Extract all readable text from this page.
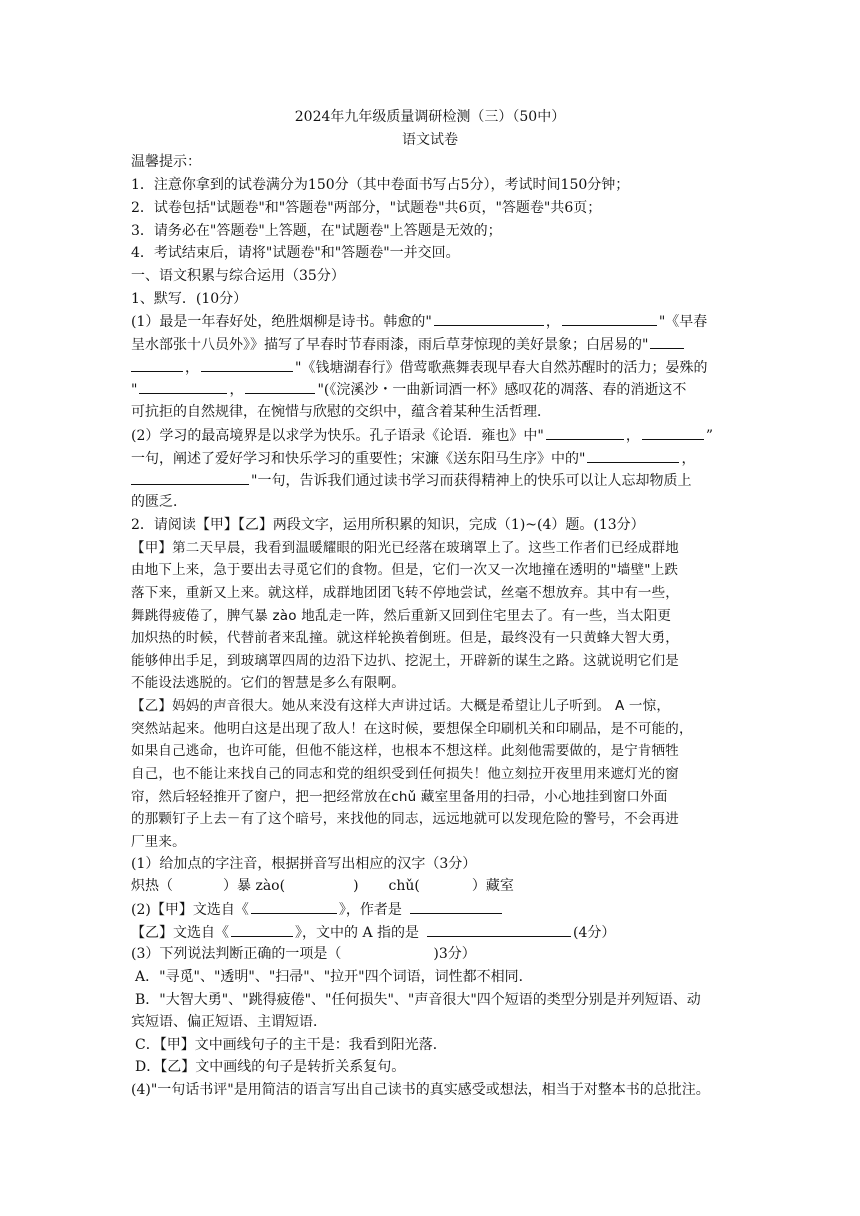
2024年九年级质量调研检测（三）（50中）
语文试卷
温馨提示：
1．注意你拿到的试卷满分为150分（其中卷面书写占5分），考试时间150分钟；
2．试卷包括"试题卷"和"答题卷"两部分，"试题卷"共6页，"答题卷"共6页；
3．请务必在"答题卷"上答题，在"试题卷"上答题是无效的；
4．考试结束后，请将"试题卷"和"答题卷"一并交回。
一、语文积累与综合运用（35分）
1、默写．(10分）
(1）最是一年春好处，绝胜烟柳是诗书。韩愈的"	，	"《早春
呈水部张十八员外》》描写了早春时节春雨漆，雨后草芽惊现的美好景象；白居易的"
，	"《钱塘湖春行》借莺歌燕舞表现早春大自然苏醒时的活力；晏殊的
"	，	"(《浣溪沙・一曲新词酒一杯》感叹花的凋落、春的消逝这不
可抗拒的自然规律，在惋惜与欣慰的交织中，蕴含着某种生活哲理．
(2）学习的最高境界是以求学为快乐。孔子语录《论语．雍也》中"	，	”
一句，阐述了爱好学习和快乐学习的重要性；宋濂《送东阳马生序》中的"	，
"一句，告诉我们通过读书学习而获得精神上的快乐可以让人忘却物质上
的匮乏．
2．请阅读【甲】【乙】两段文字，运用所积累的知识，完成（1)~(4）题。(13分）
【甲】第二天早晨，我看到温暖耀眼的阳光已经落在玻璃罩上了。这些工作者们已经成群地
由地下上来，急于要出去寻觅它们的食物。但是，它们一次又一次地撞在透明的"墙壁"上跌
落下来，重新又上来。就这样，成群地团团飞转不停地尝试，丝毫不想放弃。其中有一些，
舞跳得疲倦了，脾气暴 zào 地乱走一阵，然后重新又回到住宅里去了。有一些，当太阳更
加炽热的时候，代替前者来乱撞。就这样轮换着倒班。但是，最终没有一只黄蜂大智大勇，
能够伸出手足，到玻璃罩四周的边沿下边扒、挖泥土，开辟新的谋生之路。这就说明它们是
不能设法逃脱的。它们的智慧是多么有限啊。
【乙】妈妈的声音很大。她从来没有这样大声讲过话。大概是希望让儿子听到。 A 一惊，
突然站起来。他明白这是出现了敌人！在这时候，要想保全印刷机关和印刷品，是不可能的，
如果自己逃命，也许可能，但他不能这样，也根本不想这样。此刻他需要做的，是宁肯牺牲
自己，也不能让来找自己的同志和党的组织受到任何损失！他立刻拉开夜里用来遮灯光的窗
帘，然后轻轻推开了窗户，把一把经常放在chǔ 藏室里备用的扫帚，小心地挂到窗口外面
的那颗钉子上去－有了这个暗号，来找他的同志，远远地就可以发现危险的警号，不会再进
厂里来。
(1）给加点的字注音，根据拼音写出相应的汉字（3分）
炽热（	）暴 zào(	) chǔ(	）藏室
(2)【甲】文选自《	》，作者是
【乙】文选自《	》，文中的 A 指的是	(4分）
(3）下列说法判断正确的一项是（	)3分）
A．"寻觅"、"透明"、"扫帚"、"拉开"四个词语，词性都不相同．
B．"大智大勇"、"跳得疲倦"、"任何损失"、"声音很大"四个短语的类型分别是并列短语、动
宾短语、偏正短语、主谓短语．
C．【甲】文中画线句子的主干是：我看到阳光落．
D．【乙】文中画线的句子是转折关系复句。
(4)"一句话书评"是用简洁的语言写出自己读书的真实感受或想法，相当于对整本书的总批注。
